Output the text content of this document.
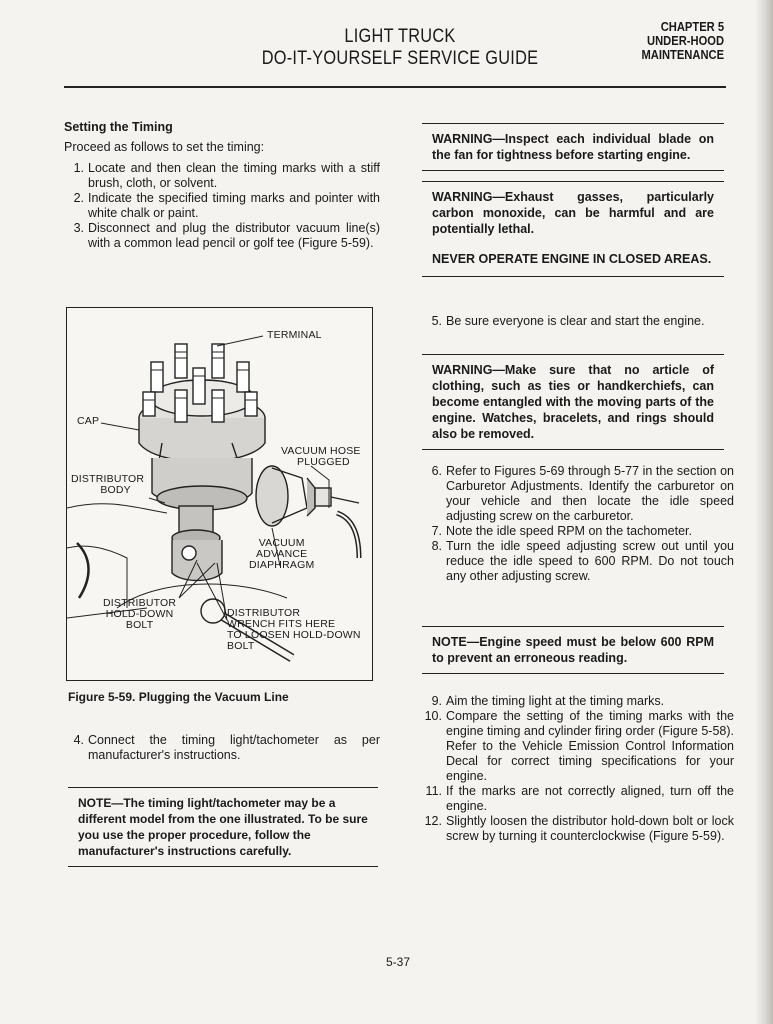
LIGHT TRUCK
DO-IT-YOURSELF SERVICE GUIDE
CHAPTER 5
UNDER-HOOD
MAINTENANCE
Setting the Timing
Proceed as follows to set the timing:
1. Locate and then clean the timing marks with a stiff brush, cloth, or solvent.
2. Indicate the specified timing marks and pointer with white chalk or paint.
3. Disconnect and plug the distributor vacuum line(s) with a common lead pencil or golf tee (Figure 5-59).
TERMINAL
CAP
VACUUM HOSE
PLUGGED
DISTRIBUTOR
BODY
VACUUM
ADVANCE
DIAPHRAGM
DISTRIBUTOR
HOLD-DOWN
BOLT
DISTRIBUTOR
WRENCH FITS HERE
TO LOOSEN HOLD-DOWN
BOLT
Figure 5-59. Plugging the Vacuum Line
4. Connect the timing light/tachometer as per manufacturer's instructions.
NOTE—The timing light/tachometer may be a different model from the one illustrated. To be sure you use the proper procedure, follow the manufacturer's instructions carefully.
WARNING—Inspect each individual blade on the fan for tightness before starting engine.
WARNING—Exhaust gasses, particularly carbon monoxide, can be harmful and are potentially lethal.
NEVER OPERATE ENGINE IN CLOSED AREAS.
5. Be sure everyone is clear and start the engine.
WARNING—Make sure that no article of clothing, such as ties or handkerchiefs, can become entangled with the moving parts of the engine. Watches, bracelets, and rings should also be removed.
6. Refer to Figures 5-69 through 5-77 in the section on Carburetor Adjustments. Identify the carburetor on your vehicle and then locate the idle speed adjusting screw on the carburetor.
7. Note the idle speed RPM on the tachometer.
8. Turn the idle speed adjusting screw out until you reduce the idle speed to 600 RPM. Do not touch any other adjusting screw.
NOTE—Engine speed must be below 600 RPM to prevent an erroneous reading.
9. Aim the timing light at the timing marks.
10. Compare the setting of the timing marks with the engine timing and cylinder firing order (Figure 5-58). Refer to the Vehicle Emission Control Information Decal for correct timing specifications for your engine.
11. If the marks are not correctly aligned, turn off the engine.
12. Slightly loosen the distributor hold-down bolt or lock screw by turning it counterclockwise (Figure 5-59).
5-37
